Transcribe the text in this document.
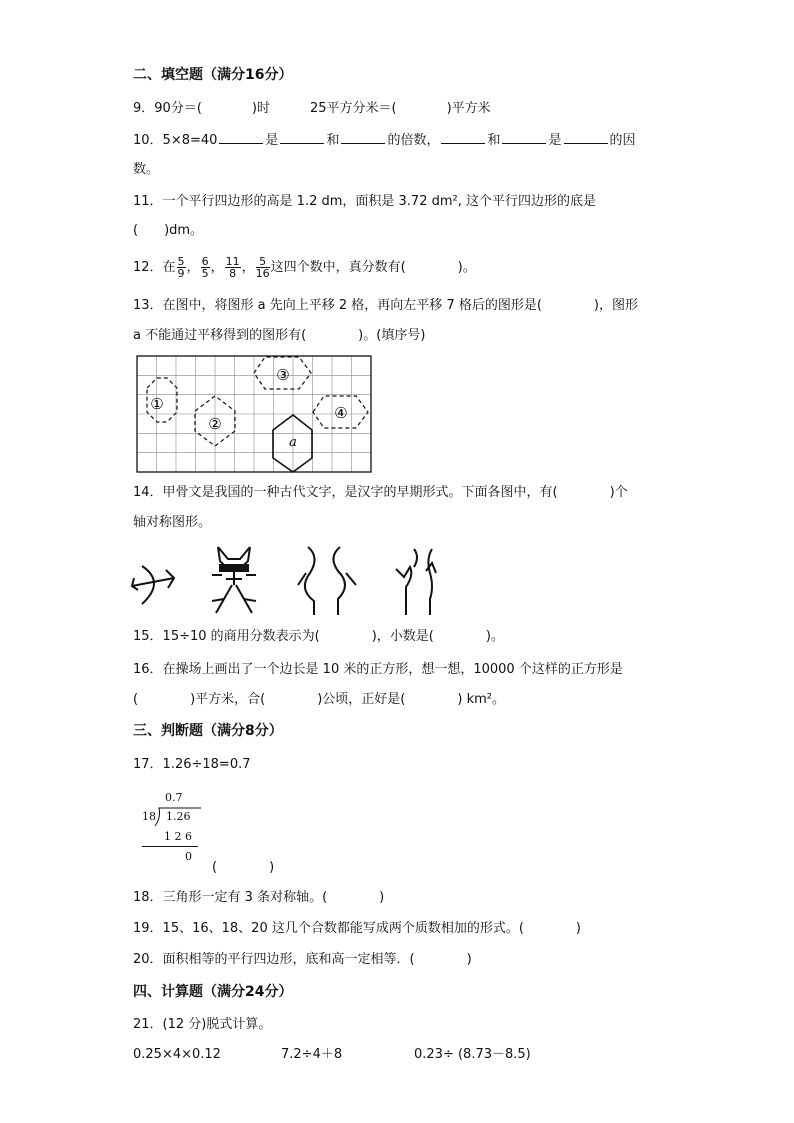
二、填空题（满分16分）
9．90分＝(	)时	25平方分米＝(	)平方米
10．5×8=40	是	和	的倍数，	和	是	的因
数。
11．一个平行四边形的高是 1.2 dm，面积是 3.72 dm², 这个平行四边形的底是
(　　)dm。
12．在 $\frac{5}{9}$ ， $\frac{6}{5}$ ， $\frac{11}{8}$ ， $\frac{5}{16}$ 这四个数中，真分数有(　　　　)。
13．在图中，将图形 a 先向上平移 2 格，再向左平移 7 格后的图形是(　　　　)，图形
a 不能通过平移得到的图形有(　　　　)。(填序号)
①
②
③
④
a
14．甲骨文是我国的一种古代文字，是汉字的早期形式。下面各图中，有(　　　　)个
轴对称图形。
15．15÷10 的商用分数表示为(　　　　)，小数是(　　　　)。
16．在操场上画出了一个边长是 10 米的正方形，想一想，10000 个这样的正方形是
(　　　　)平方米，合(　　　　)公顷，正好是(　　　　) km²。
三、判断题（满分8分）
17．1.26÷18=0.7
0.7
18 1.26
1 2 6
0
(　　　　)
18．三角形一定有 3 条对称轴。(　　　　)
19．15、16、18、20 这几个合数都能写成两个质数相加的形式。(　　　　)
20．面积相等的平行四边形，底和高一定相等．(　　　　)
四、计算题（满分24分）
21．(12 分)脱式计算。
0.25×4×0.12	7.2÷4＋8	0.23÷ (8.73－8.5)
